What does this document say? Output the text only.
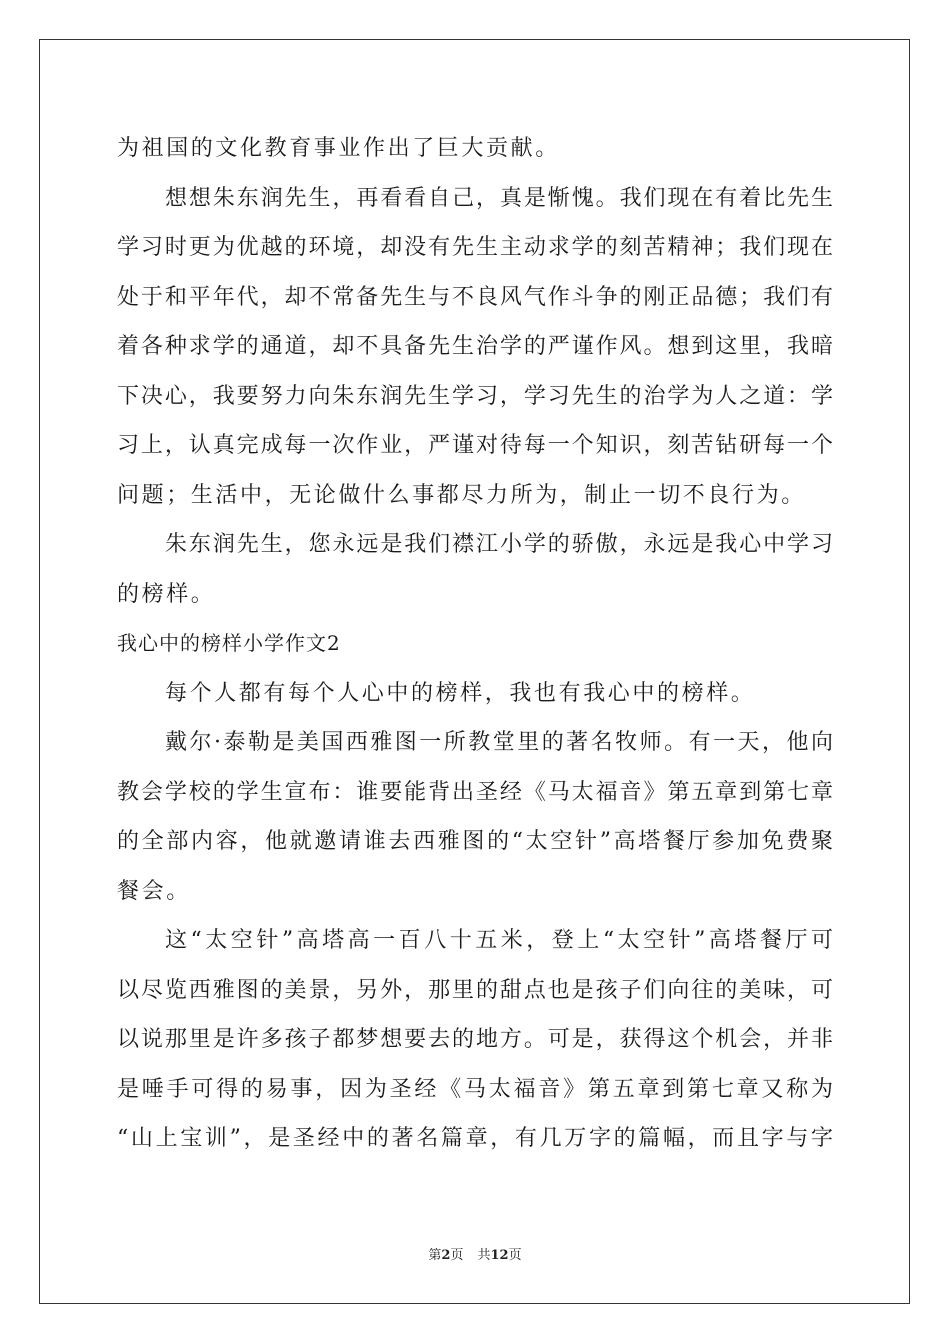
为祖国的文化教育事业作出了巨大贡献。
想想朱东润先生，再看看自己，真是惭愧。我们现在有着比先生
学习时更为优越的环境，却没有先生主动求学的刻苦精神；我们现在
处于和平年代，却不常备先生与不良风气作斗争的刚正品德；我们有
着各种求学的通道，却不具备先生治学的严谨作风。想到这里，我暗
下决心，我要努力向朱东润先生学习，学习先生的治学为人之道：学
习上，认真完成每一次作业，严谨对待每一个知识，刻苦钻研每一个
问题；生活中，无论做什么事都尽力所为，制止一切不良行为。
朱东润先生，您永远是我们襟江小学的骄傲，永远是我心中学习
的榜样。
我心中的榜样小学作文2
每个人都有每个人心中的榜样，我也有我心中的榜样。
戴尔·泰勒是美国西雅图一所教堂里的著名牧师。有一天，他向
教会学校的学生宣布：谁要能背出圣经《马太福音》第五章到第七章
的全部内容，他就邀请谁去西雅图的“太空针”高塔餐厅参加免费聚
餐会。
这“太空针”高塔高一百八十五米，登上“太空针”高塔餐厅可
以尽览西雅图的美景，另外，那里的甜点也是孩子们向往的美味，可
以说那里是许多孩子都梦想要去的地方。可是，获得这个机会，并非
是唾手可得的易事，因为圣经《马太福音》第五章到第七章又称为
“山上宝训”，是圣经中的著名篇章，有几万字的篇幅，而且字与字
第2页 共12页
